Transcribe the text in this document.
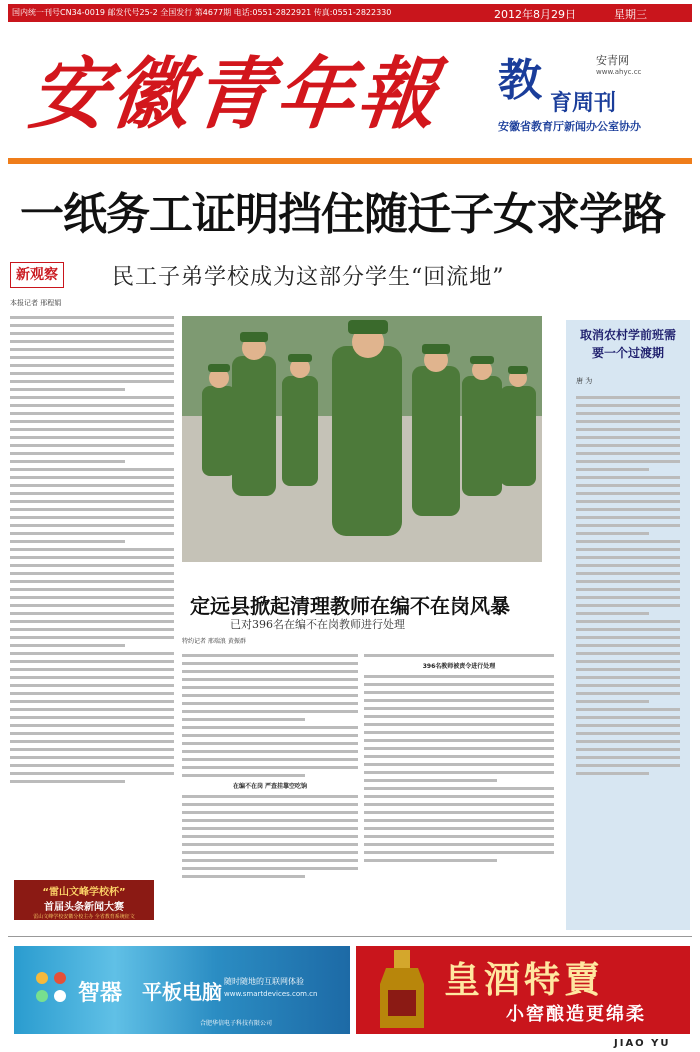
国内统一刊号CN34-0019 邮发代号25-2 全国发行 第4677期 电话:0551-2822921 传真:0551-2822330	2012年8月29日	星期三
安徽青年報	安青网
www.ahyc.cc
教 育周刊
安徽省教育厅新闻办公室协办
一纸务工证明挡住随迁子女求学路
新观察 民工子弟学校成为这部分学生“回流地”
本报记者 邢程娟
定远县掀起清理教师在编不在岗风暴
已对396名在编不在岗教师进行处理
特约记者 邢瑞浪 黄振群
在编不在岗 严查挂靠空吃饷
396名教师被责令进行处理
取消农村学前班需要一个过渡期
唐 为
“雷山文峰学校杯”
首届头条新闻大赛
雷山文峰学校安徽分校主办 全省教育系统征文
智器 平板电脑 随时随地的互联网体验
www.smartdevices.com.cn
合肥华信电子科技有限公司
皇酒特賣
小窖酿造更绵柔
JIAO YU
